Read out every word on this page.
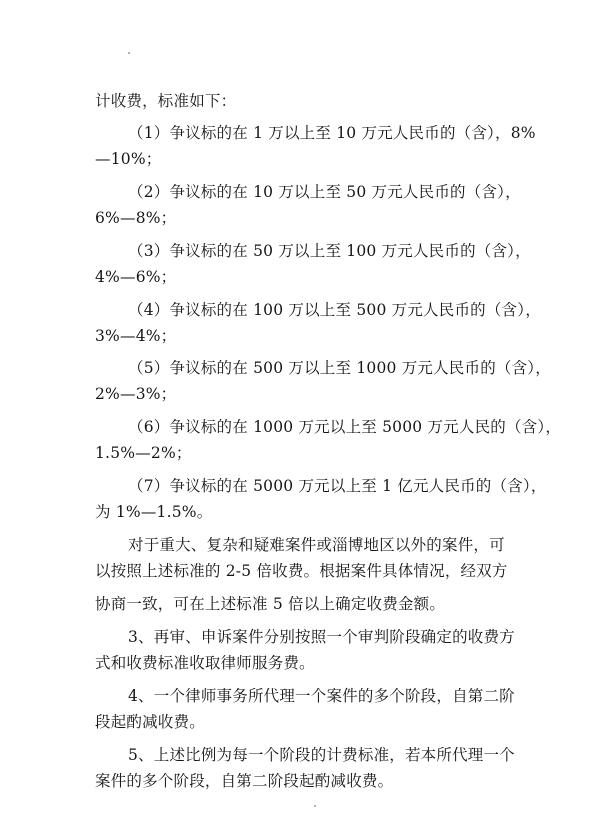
计收费，标准如下：
（1）争议标的在 1 万以上至 10 万元人民币的（含），8%
—10%；
（2）争议标的在 10 万以上至 50 万元人民币的（含），
6%—8%；
（3）争议标的在 50 万以上至 100 万元人民币的（含），
4%—6%；
（4）争议标的在 100 万以上至 500 万元人民币的（含），
3%—4%；
（5）争议标的在 500 万以上至 1000 万元人民币的（含），
2%—3%；
（6）争议标的在 1000 万元以上至 5000 万元人民的（含），
1.5%—2%；
（7）争议标的在 5000 万元以上至 1 亿元人民币的（含），
为 1%—1.5%。
对于重大、复杂和疑难案件或淄博地区以外的案件，可
以按照上述标准的 2-5 倍收费。根据案件具体情况，经双方
协商一致，可在上述标准 5 倍以上确定收费金额。
3、再审、申诉案件分别按照一个审判阶段确定的收费方
式和收费标准收取律师服务费。
4、一个律师事务所代理一个案件的多个阶段，自第二阶
段起酌减收费。
5、上述比例为每一个阶段的计费标准，若本所代理一个
案件的多个阶段，自第二阶段起酌减收费。
